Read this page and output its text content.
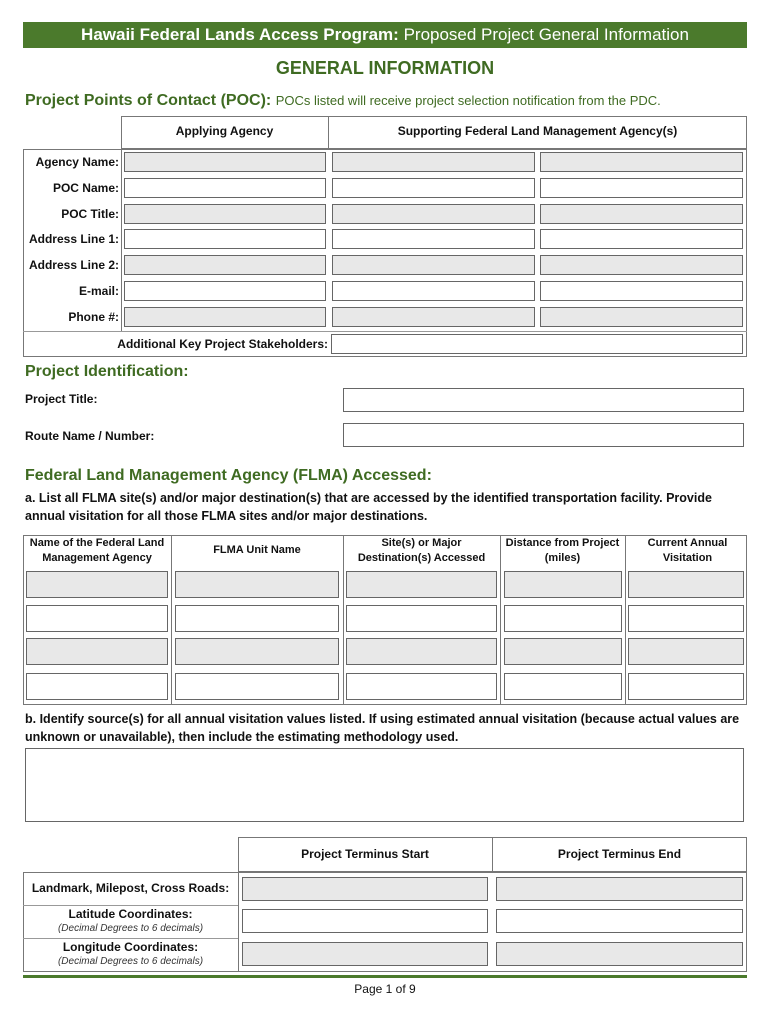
Hawaii Federal Lands Access Program: Proposed Project General Information
GENERAL INFORMATION
Project Points of Contact (POC): POCs listed will receive project selection notification from the PDC.
Applying Agency	Supporting Federal Land Management Agency(s)
Agency Name:
POC Name:
POC Title:
Address Line 1:
Address Line 2:
E-mail:
Phone #:
Additional Key Project Stakeholders:
Project Identification:
Project Title:
Route Name / Number:
Federal Land Management Agency (FLMA) Accessed:
a. List all FLMA site(s) and/or major destination(s) that are accessed by the identified transportation facility. Provide annual visitation for all those FLMA sites and/or major destinations.
Name of the Federal Land Management Agency
FLMA Unit Name
Site(s) or Major Destination(s) Accessed
Distance from Project (miles)
Current Annual Visitation
b. Identify source(s) for all annual visitation values listed. If using estimated annual visitation (because actual values are unknown or unavailable), then include the estimating methodology used.
Project Terminus Start	Project Terminus End
Landmark, Milepost, Cross Roads:
Latitude Coordinates:
(Decimal Degrees to 6 decimals)
Longitude Coordinates:
(Decimal Degrees to 6 decimals)
Page 1 of 9
